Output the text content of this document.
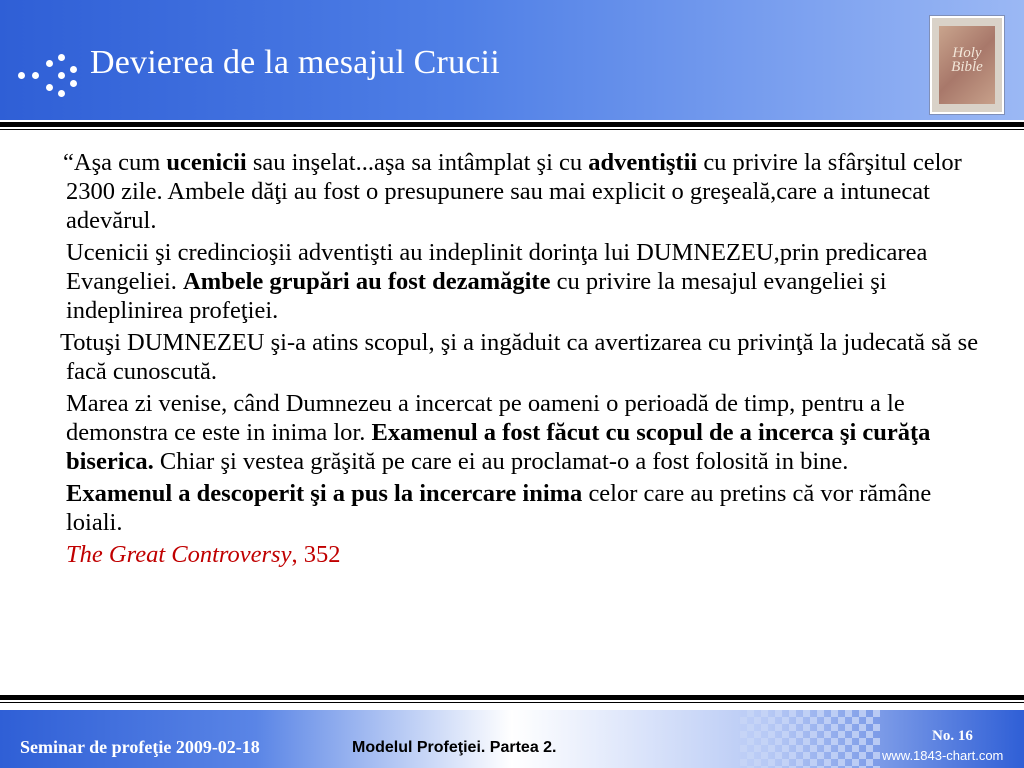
Devierea de la mesajul Crucii	Holy Bible

“Aşa cum ucenicii sau inşelat...aşa sa intâmplat şi cu adventiştii cu privire la sfârşitul celor 2300 zile. Ambele dăţi au fost o presupunere sau mai explicit o greşeală,care a intunecat adevărul.

Ucenicii şi credincioşii adventişti au indeplinit dorinţa lui DUMNEZEU,prin predicarea Evangeliei. Ambele grupări au fost dezamăgite cu privire la mesajul evangeliei şi indeplinirea profeţiei.

Totuşi DUMNEZEU şi-a atins scopul, şi a ingăduit ca avertizarea cu privinţă la judecată să se facă cunoscută.

Marea zi venise, când Dumnezeu a incercat pe oameni o perioadă de timp, pentru a le demonstra ce este in inima lor. Examenul a fost făcut cu scopul de a incerca şi curăţa biserica. Chiar şi vestea grăşită pe care ei au proclamat-o a fost folosită in bine.

Examenul a descoperit şi a pus la incercare inima celor care au pretins că vor rămâne loiali.

The Great Controversy, 352

Seminar de profeţie 2009-02-18	Modelul Profeţiei. Partea 2.
No. 16
www.1843-chart.com
